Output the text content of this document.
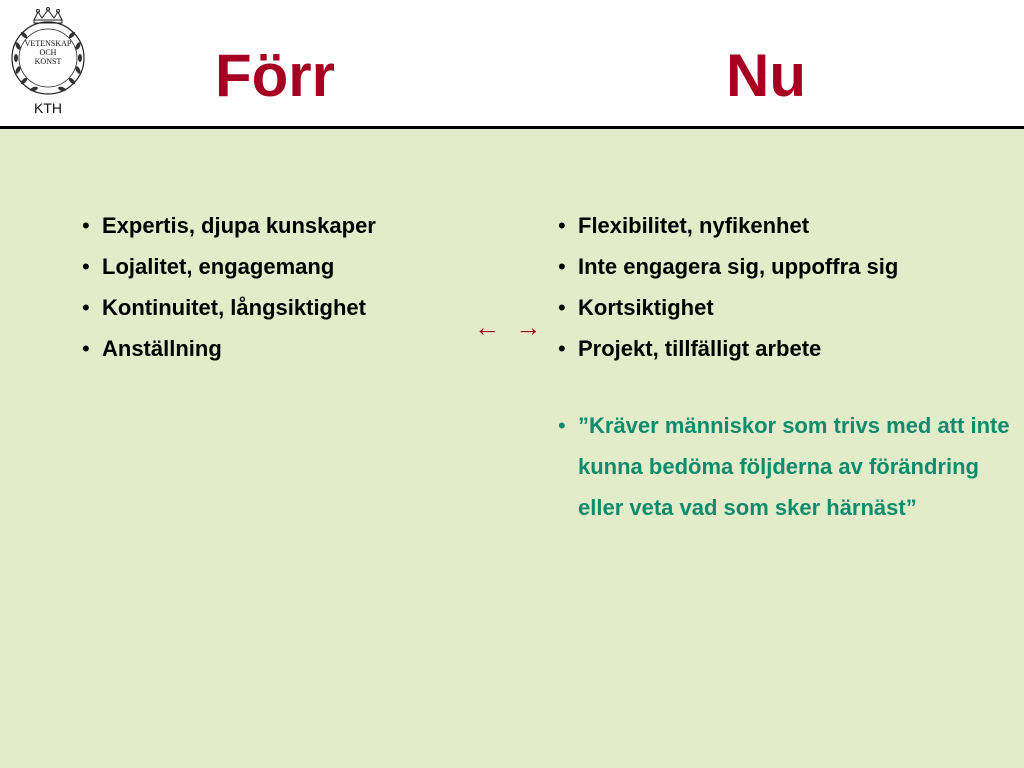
VETENSKAP
OCH
KONST
KTH	Förr	Nu
• Expertis, djupa kunskaper
• Lojalitet, engagemang
• Kontinuitet, långsiktighet
• Anställning
← →
• Flexibilitet, nyfikenhet
• Inte engagera sig, uppoffra sig
• Kortsiktighet
• Projekt, tillfälligt arbete
• ”Kräver människor som trivs med att inte kunna bedöma följderna av förändring eller veta vad som sker härnäst”
